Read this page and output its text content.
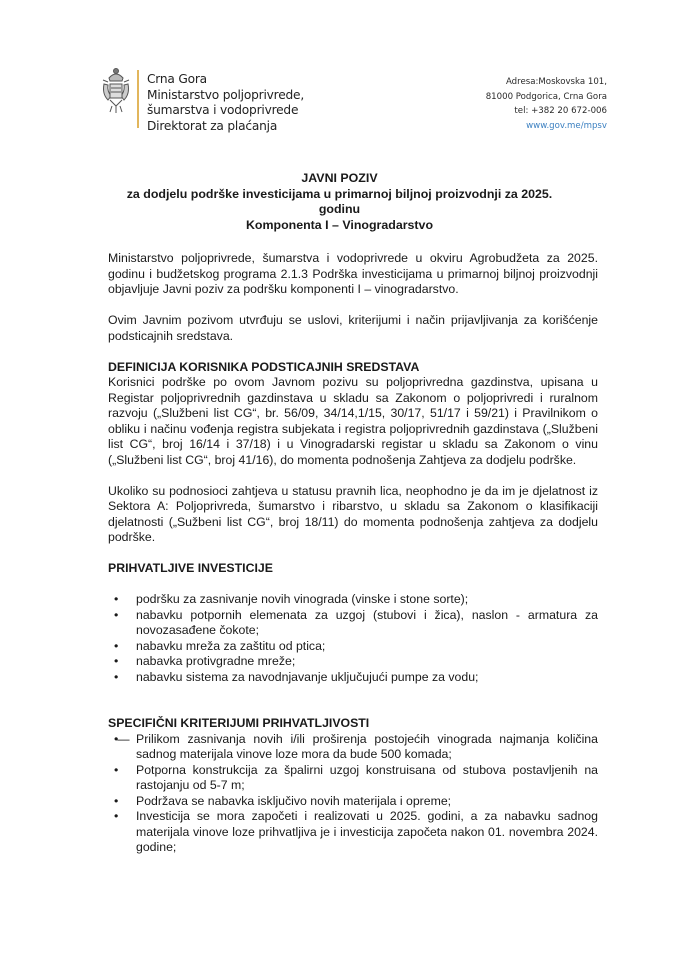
Crna Gora
Ministarstvo poljoprivrede,
šumarstva i vodoprivrede
Direktorat za plaćanja
Adresa:Moskovska 101,
81000 Podgorica, Crna Gora
tel: +382 20 672-006
www.gov.me/mpsv
JAVNI POZIV
za dodjelu podrške investicijama u primarnoj biljnoj proizvodnji za 2025.
godinu
Komponenta I – Vinogradarstvo

Ministarstvo poljoprivrede, šumarstva i vodoprivrede u okviru Agrobudžeta za 2025. godinu i budžetskog programa 2.1.3 Podrška investicijama u primarnoj biljnoj proizvodnji objavljuje Javni poziv za podršku komponenti I – vinogradarstvo.

Ovim Javnim pozivom utvrđuju se uslovi, kriterijumi i način prijavljivanja za korišćenje podsticajnih sredstava.

DEFINICIJA KORISNIKA PODSTICAJNIH SREDSTAVA

Korisnici podrške po ovom Javnom pozivu su poljoprivredna gazdinstva, upisana u Registar poljoprivrednih gazdinstava u skladu sa Zakonom o poljoprivredi i ruralnom razvoju („Službeni list CG“, br. 56/09, 34/14,1/15, 30/17, 51/17 i 59/21) i Pravilnikom o obliku i načinu vođenja registra subjekata i registra poljoprivrednih gazdinstava („Službeni list CG“, broj 16/14 i 37/18) i u Vinogradarski registar u skladu sa Zakonom o vinu („Službeni list CG“, broj 41/16), do momenta podnošenja Zahtjeva za dodjelu podrške.

Ukoliko su podnosioci zahtjeva u statusu pravnih lica, neophodno je da im je djelatnost iz Sektora A: Poljoprivreda, šumarstvo i ribarstvo, u skladu sa Zakonom o klasifikaciji djelatnosti („Sužbeni list CG“, broj 18/11) do momenta podnošenja zahtjeva za dodjelu podrške.

PRIHVATLJIVE INVESTICIJE
• podršku za zasnivanje novih vinograda (vinske i stone sorte);
• nabavku potpornih elemenata za uzgoj (stubovi i žica), naslon - armatura za novozasađene čokote;
• nabavku mreža za zaštitu od ptica;
• nabavka protivgradne mreže;
• nabavku sistema za navodnjavanje uključujući pumpe za vodu;
SPECIFIČNI KRITERIJUMI PRIHVATLJIVOSTI
•— Prilikom zasnivanja novih i/ili proširenja postojećih vinograda najmanja količina sadnog materijala vinove loze mora da bude 500 komada;
• Potporna konstrukcija za špalirni uzgoj konstruisana od stubova postavljenih na rastojanju od 5-7 m;
• Podržava se nabavka isključivo novih materijala i opreme;
• Investicija se mora započeti i realizovati u 2025. godini, a za nabavku sadnog materijala vinove loze prihvatljiva je i investicija započeta nakon 01. novembra 2024. godine;
